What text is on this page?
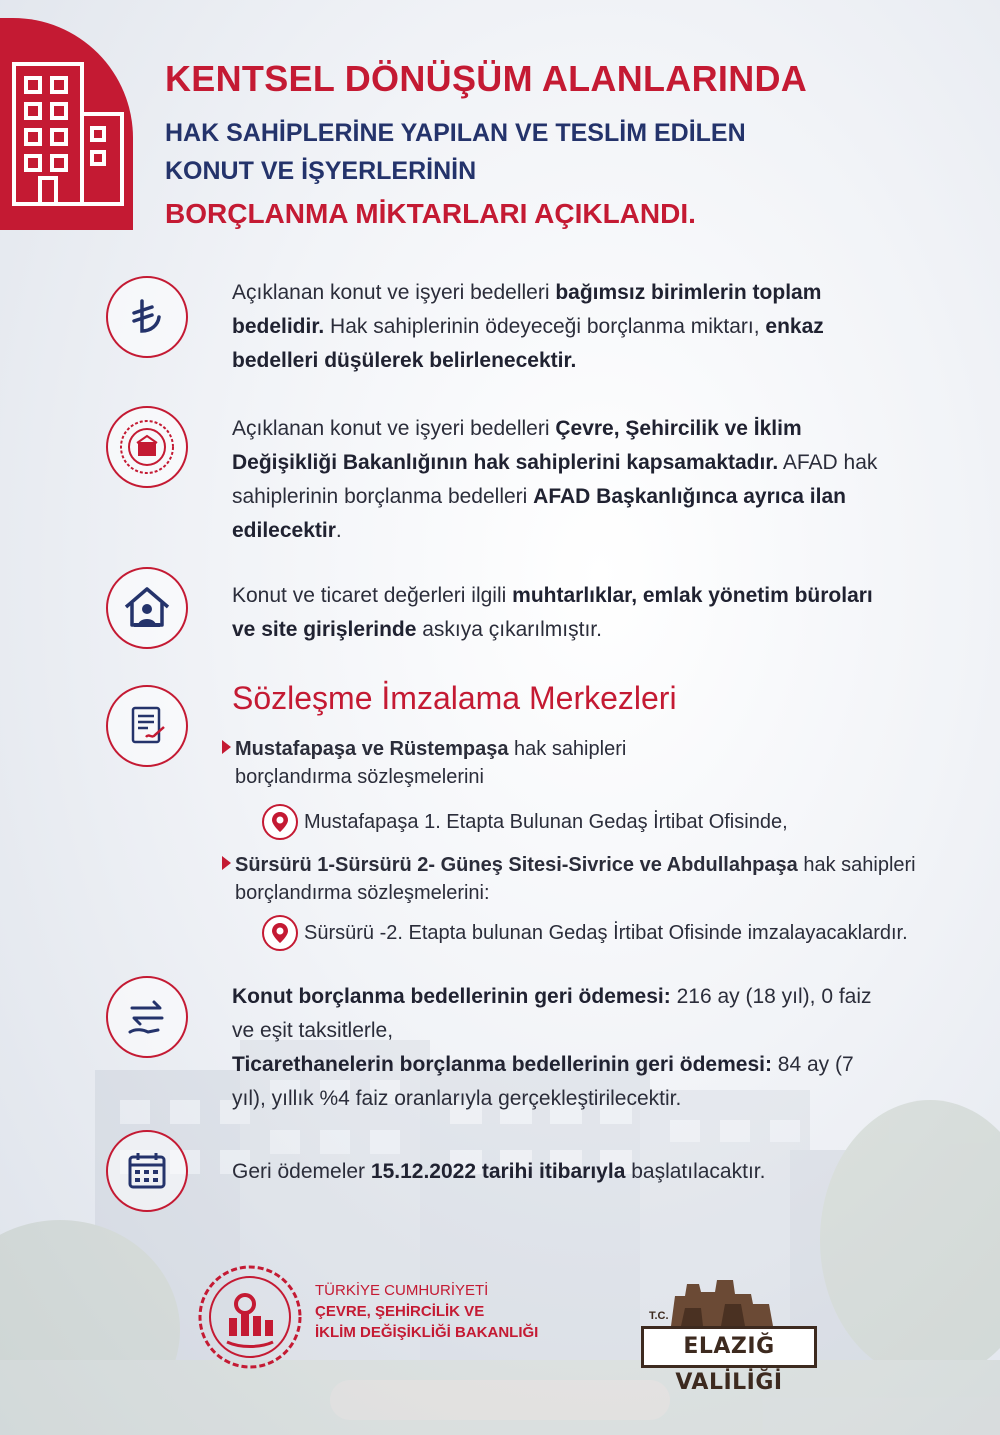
KENTSEL DÖNÜŞÜM ALANLARINDA

HAK SAHİPLERİNE YAPILAN VE TESLİM EDİLEN

KONUT VE İŞYERLERİNİN

BORÇLANMA MİKTARLARI AÇIKLANDI.

Açıklanan konut ve işyeri bedelleri bağımsız birimlerin toplam bedelidir. Hak sahiplerinin ödeyeceği borçlanma miktarı, enkaz bedelleri düşülerek belirlenecektir.

Açıklanan konut ve işyeri bedelleri Çevre, Şehircilik ve İklim Değişikliği Bakanlığının hak sahiplerini kapsamaktadır. AFAD hak sahiplerinin borçlanma bedelleri AFAD Başkanlığınca ayrıca ilan edilecektir.

Konut ve ticaret değerleri ilgili muhtarlıklar, emlak yönetim büroları ve site girişlerinde askıya çıkarılmıştır.

Sözleşme İmzalama Merkezleri

Mustafapaşa ve Rüstempaşa hak sahipleri
borçlandırma sözleşmelerini
Mustafapaşa 1. Etapta Bulunan Gedaş İrtibat Ofisinde,
Sürsürü 1-Sürsürü 2- Güneş Sitesi-Sivrice ve Abdullahpaşa hak sahipleri
borçlandırma sözleşmelerini:
Sürsürü -2. Etapta bulunan Gedaş İrtibat Ofisinde imzalayacaklardır.

Konut borçlanma bedellerinin geri ödemesi: 216 ay (18 yıl), 0 faiz ve eşit taksitlerle,
Ticarethanelerin borçlanma bedellerinin geri ödemesi: 84 ay (7 yıl), yıllık %4 faiz oranlarıyla gerçekleştirilecektir.

Geri ödemeler 15.12.2022 tarihi itibarıyla başlatılacaktır.

TÜRKİYE CUMHURİYETİ
ÇEVRE, ŞEHİRCİLİK VE
İKLİM DEĞİŞİKLİĞİ BAKANLIĞI
T.C.
ELAZIĞ VALİLİĞİ
